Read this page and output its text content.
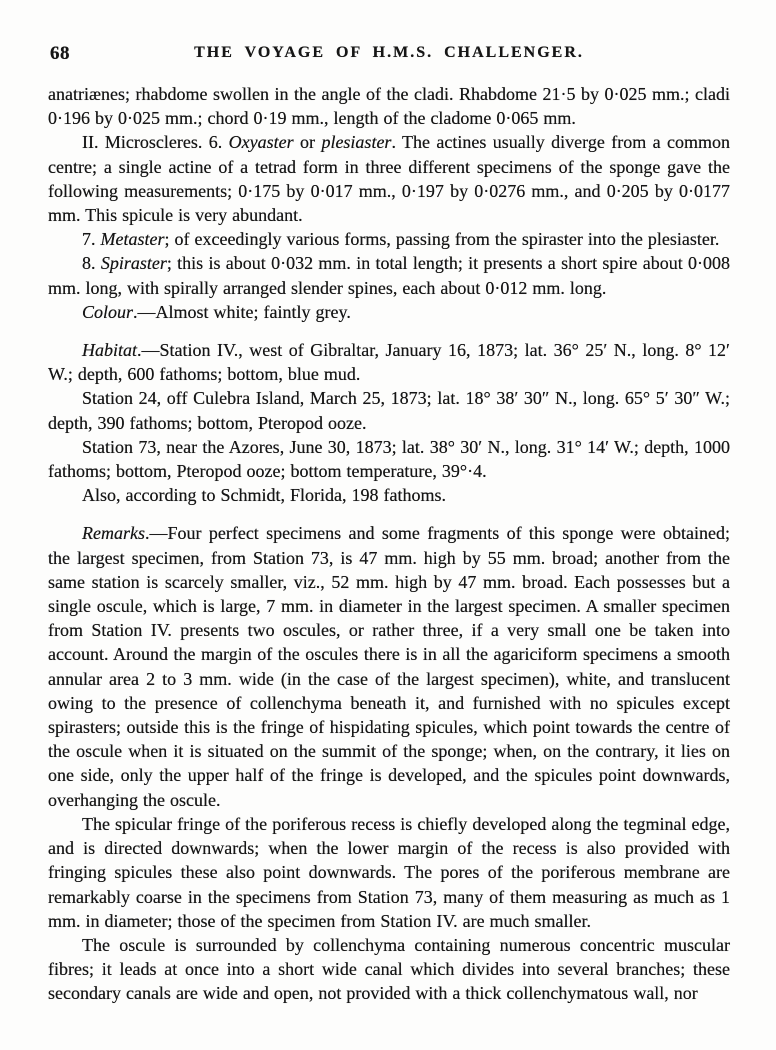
68	THE VOYAGE OF H.M.S. CHALLENGER.

anatriænes; rhabdome swollen in the angle of the cladi. Rhabdome 21·5 by 0·025 mm.; cladi 0·196 by 0·025 mm.; chord 0·19 mm., length of the cladome 0·065 mm.

II. Microscleres. 6. Oxyaster or plesiaster. The actines usually diverge from a common centre; a single actine of a tetrad form in three different specimens of the sponge gave the following measurements; 0·175 by 0·017 mm., 0·197 by 0·0276 mm., and 0·205 by 0·0177 mm. This spicule is very abundant.

7. Metaster; of exceedingly various forms, passing from the spiraster into the plesiaster.

8. Spiraster; this is about 0·032 mm. in total length; it presents a short spire about 0·008 mm. long, with spirally arranged slender spines, each about 0·012 mm. long.

Colour.—Almost white; faintly grey.

Habitat.—Station IV., west of Gibraltar, January 16, 1873; lat. 36° 25′ N., long. 8° 12′ W.; depth, 600 fathoms; bottom, blue mud.

Station 24, off Culebra Island, March 25, 1873; lat. 18° 38′ 30″ N., long. 65° 5′ 30″ W.; depth, 390 fathoms; bottom, Pteropod ooze.

Station 73, near the Azores, June 30, 1873; lat. 38° 30′ N., long. 31° 14′ W.; depth, 1000 fathoms; bottom, Pteropod ooze; bottom temperature, 39°·4.

Also, according to Schmidt, Florida, 198 fathoms.

Remarks.—Four perfect specimens and some fragments of this sponge were obtained; the largest specimen, from Station 73, is 47 mm. high by 55 mm. broad; another from the same station is scarcely smaller, viz., 52 mm. high by 47 mm. broad. Each possesses but a single oscule, which is large, 7 mm. in diameter in the largest specimen. A smaller specimen from Station IV. presents two oscules, or rather three, if a very small one be taken into account. Around the margin of the oscules there is in all the agariciform specimens a smooth annular area 2 to 3 mm. wide (in the case of the largest specimen), white, and translucent owing to the presence of collenchyma beneath it, and furnished with no spicules except spirasters; outside this is the fringe of hispidating spicules, which point towards the centre of the oscule when it is situated on the summit of the sponge; when, on the contrary, it lies on one side, only the upper half of the fringe is developed, and the spicules point downwards, overhanging the oscule.

The spicular fringe of the poriferous recess is chiefly developed along the tegminal edge, and is directed downwards; when the lower margin of the recess is also provided with fringing spicules these also point downwards. The pores of the poriferous membrane are remarkably coarse in the specimens from Station 73, many of them measuring as much as 1 mm. in diameter; those of the specimen from Station IV. are much smaller.

The oscule is surrounded by collenchyma containing numerous concentric muscular fibres; it leads at once into a short wide canal which divides into several branches; these secondary canals are wide and open, not provided with a thick collenchymatous wall, nor
